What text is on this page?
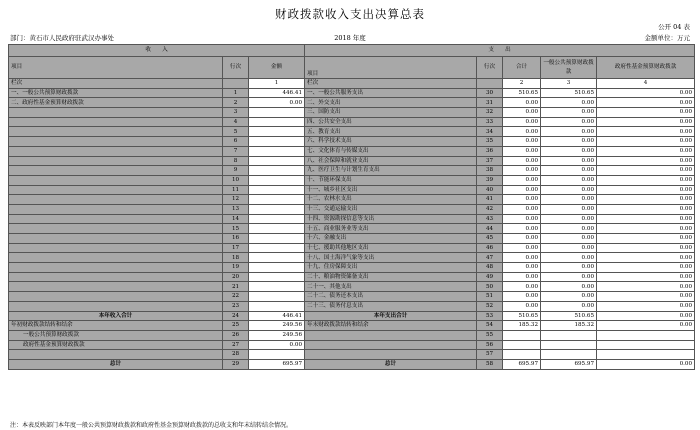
财政拨款收入支出决算总表
公开 04 表
部门：黄石市人民政府驻武汉办事处	2018 年度	金额单位：万元
收　　入			支　　出				
项目	行次	金额	项目	行次	合计	一般公共预算财政拨款	政府性基金预算财政拨款
栏次		1	栏次		2	3	4
一、一般公共预算财政拨款	1	446.41	一、一般公共服务支出	30	510.65	510.65	0.00
二、政府性基金预算财政拨款	2	0.00	二、外交支出	31	0.00	0.00	0.00
	3		三、国防支出	32	0.00	0.00	0.00
	4		四、公共安全支出	33	0.00	0.00	0.00
	5		五、教育支出	34	0.00	0.00	0.00
	6		六、科学技术支出	35	0.00	0.00	0.00
	7		七、文化体育与传媒支出	36	0.00	0.00	0.00
	8		八、社会保障和就业支出	37	0.00	0.00	0.00
	9		九、医疗卫生与计划生育支出	38	0.00	0.00	0.00
	10		十、节能环保支出	39	0.00	0.00	0.00
	11		十一、城乡社区支出	40	0.00	0.00	0.00
	12		十二、农林水支出	41	0.00	0.00	0.00
	13		十三、交通运输支出	42	0.00	0.00	0.00
	14		十四、资源勘探信息等支出	43	0.00	0.00	0.00
	15		十五、商业服务业等支出	44	0.00	0.00	0.00
	16		十六、金融支出	45	0.00	0.00	0.00
	17		十七、援助其他地区支出	46	0.00	0.00	0.00
	18		十八、国土海洋气象等支出	47	0.00	0.00	0.00
	19		十九、住房保障支出	48	0.00	0.00	0.00
	20		二十、粮油物资储备支出	49	0.00	0.00	0.00
	21		二十一、其他支出	50	0.00	0.00	0.00
	22		二十二、债务还本支出	51	0.00	0.00	0.00
	23		二十三、债务付息支出	52	0.00	0.00	0.00
本年收入合计	24	446.41	本年支出合计	53	510.65	510.65	0.00
年初财政拨款结转和结余	25	249.56	年末财政拨款结转和结余	54	185.32	185.32	0.00
一般公共预算财政拨款	26	249.56		55			
政府性基金预算财政拨款	27	0.00		56			
	28			57			
总计	29	695.97	总计	58	695.97	695.97	0.00
注：本表反映部门本年度一般公共预算财政拨款和政府性基金预算财政拨款的总收支和年末结转结余情况。
